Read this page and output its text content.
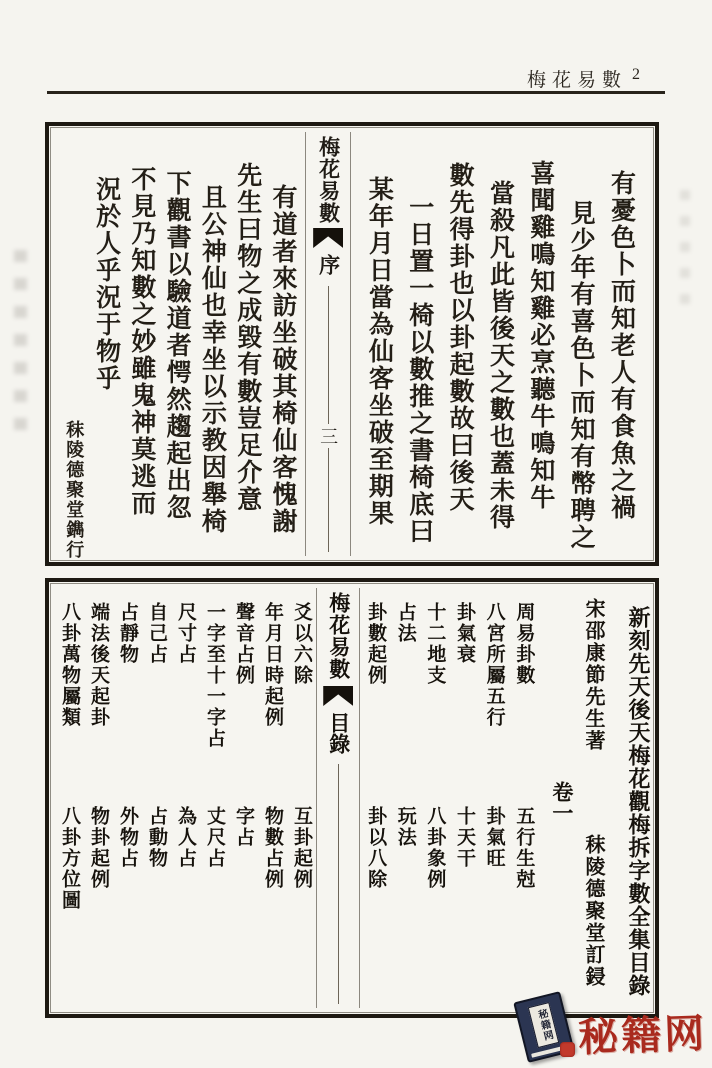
梅花易數 2
有憂色卜而知老人有食魚之禍
見少年有喜色卜而知有幣聘之
喜聞雞鳴知雞必烹聽牛鳴知牛
當殺凡此皆後天之數也蓋未得
數先得卦也以卦起數故曰後天
一日置一椅以數推之書椅底曰
某年月日當為仙客坐破至期果
梅花易數
序
三
有道者來訪坐破其椅仙客愧謝
先生曰物之成毀有數豈足介意
且公神仙也幸坐以示教因舉椅
下觀書以驗道者愕然趨起出忽
不見乃知數之妙雖鬼神莫逃而
況於人乎況于物乎
秣陵德聚堂鐫行
新刻先天後天梅花觀梅拆字數全集目錄
宋邵康節先生著
秣陵德聚堂訂鋟
卷一
周易卦數
五行生尅
八宮所屬五行
卦氣旺
卦氣衰
十天干
十二地支
八卦象例
占法
玩法
卦數起例
卦以八除
梅花易數
目錄
爻以六除
互卦起例
年月日時起例
物數占例
聲音占例
字占
一字至十一字占
丈尺占
尺寸占
為人占
自己占
占動物
占靜物
外物占
端法後天起卦
物卦起例
八卦萬物屬類
八卦方位圖
秘籍网 秘籍网
